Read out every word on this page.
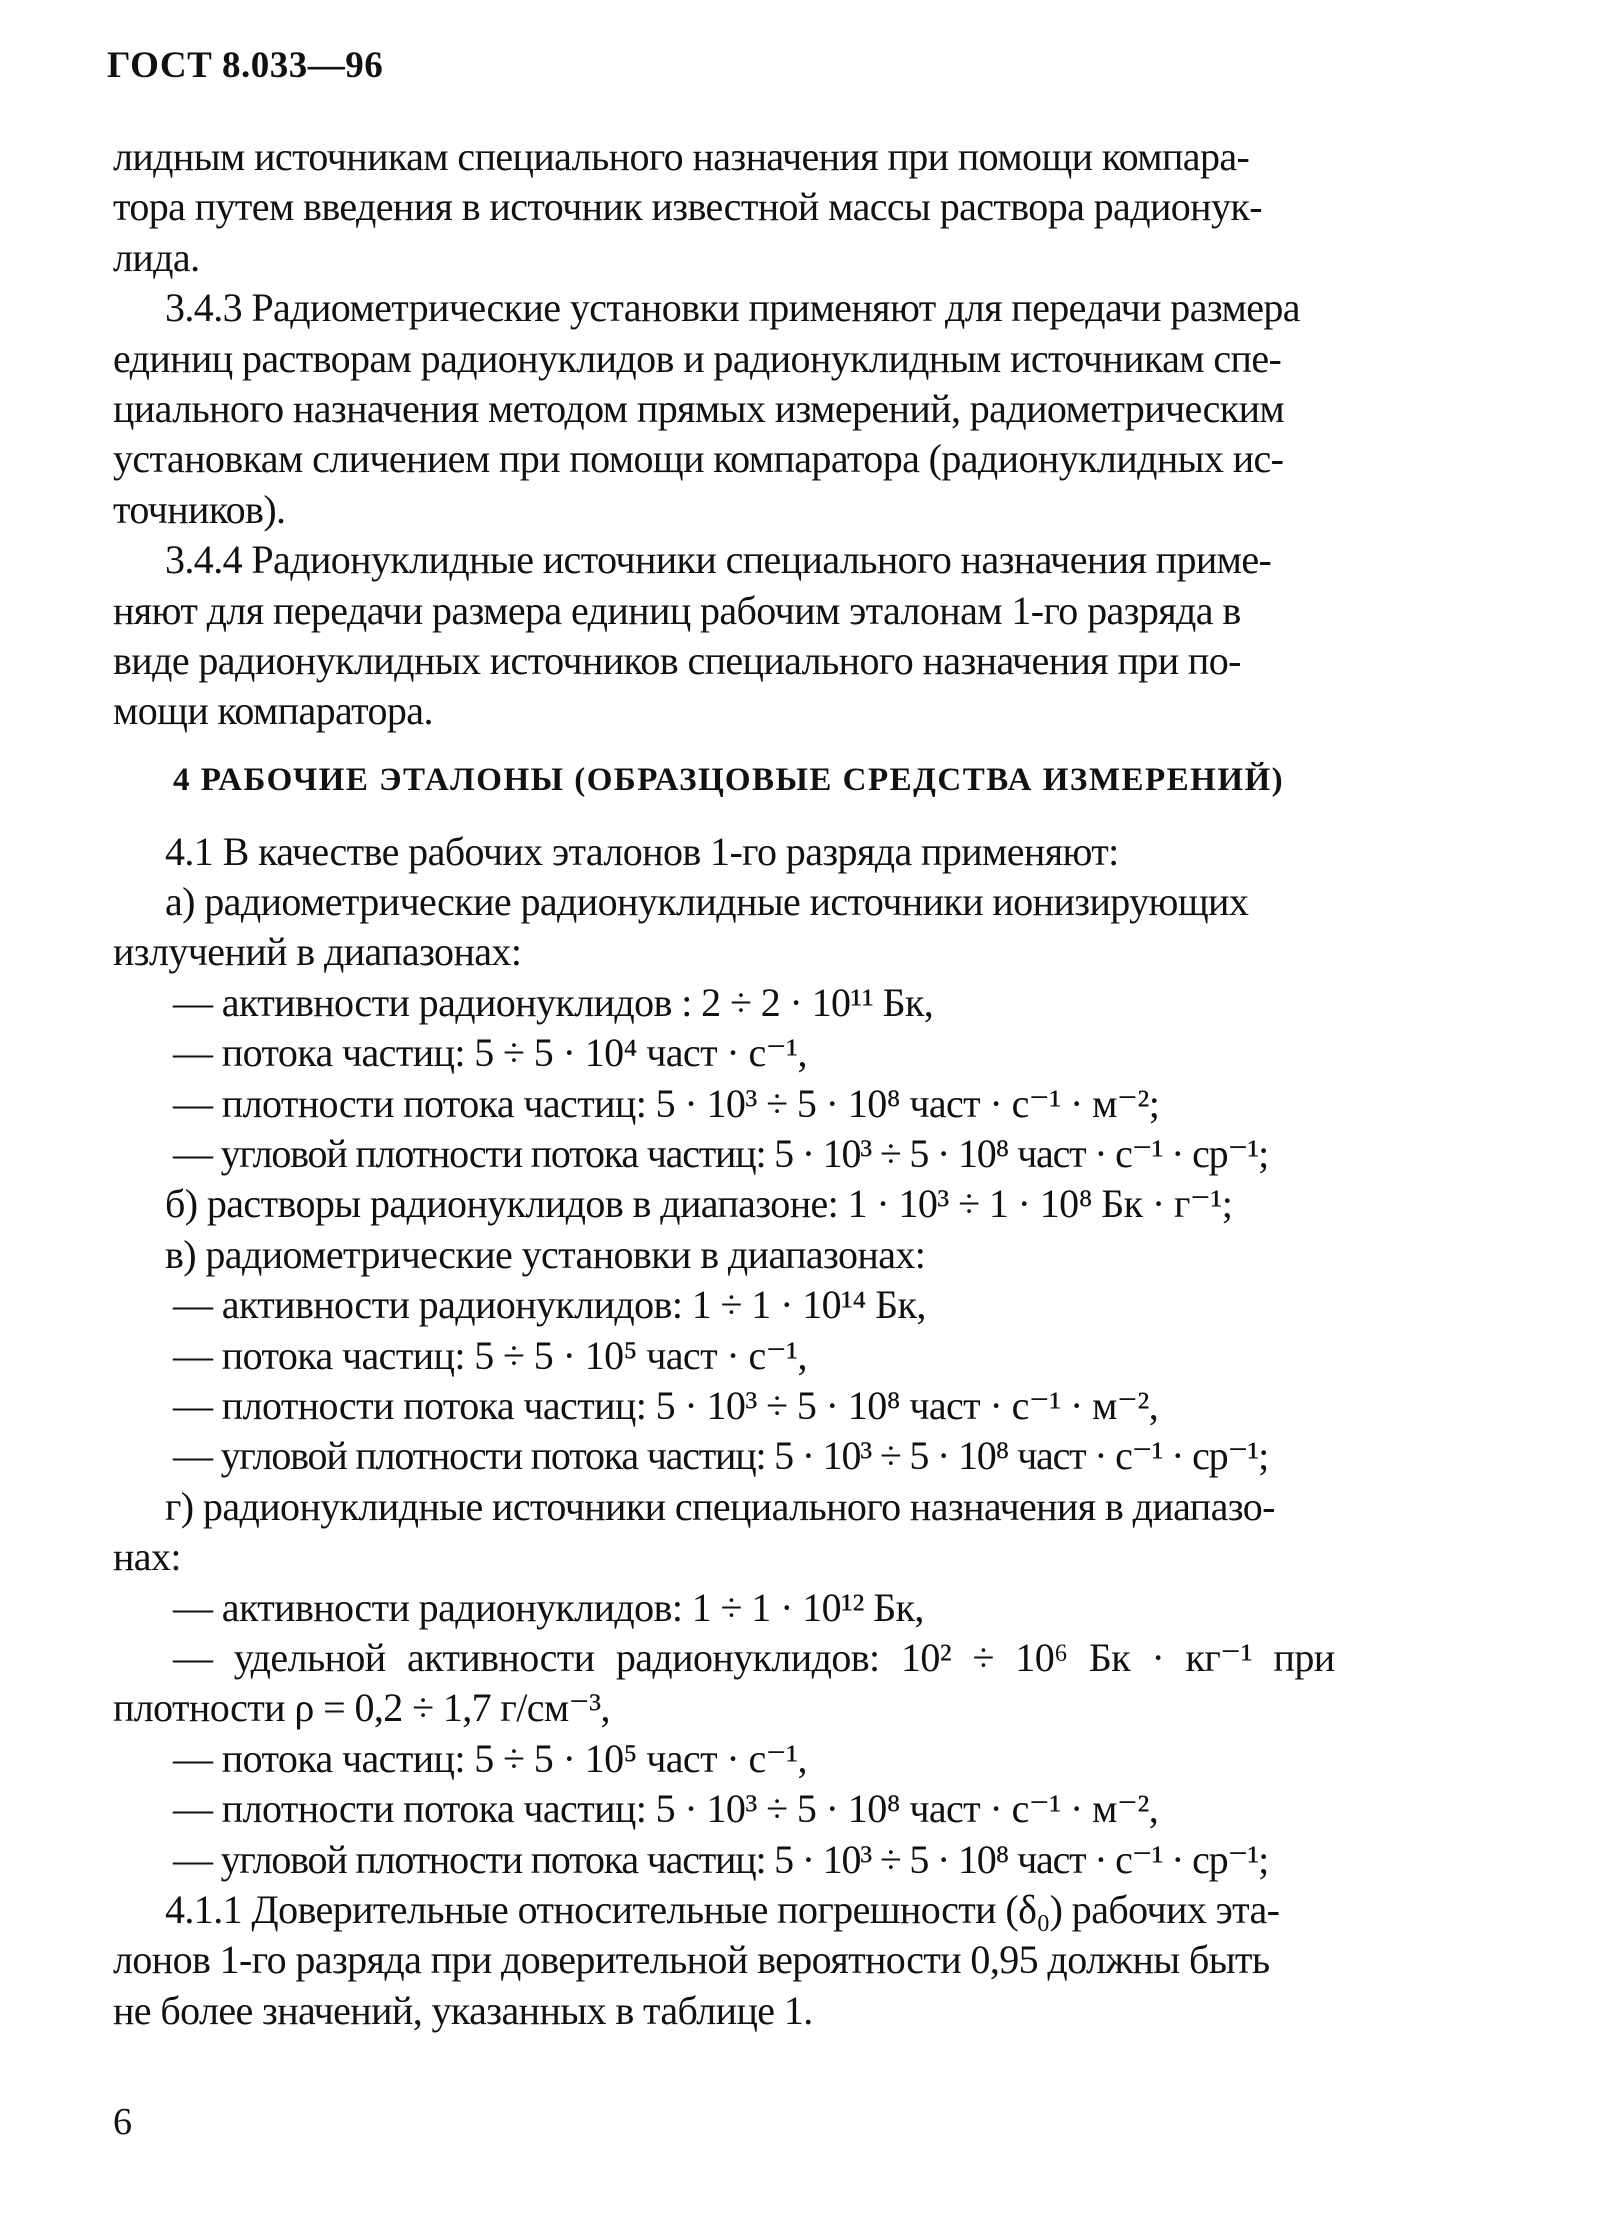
ГОСТ 8.033—96
лидным источникам специального назначения при помощи компара-
тора путем введения в источник известной массы раствора радионук-
лида.
3.4.3 Радиометрические установки применяют для передачи размера
единиц растворам радионуклидов и радионуклидным источникам спе-
циального назначения методом прямых измерений, радиометрическим
установкам сличением при помощи компаратора (радионуклидных ис-
точников).
3.4.4 Радионуклидные источники специального назначения приме-
няют для передачи размера единиц рабочим эталонам 1-го разряда в
виде радионуклидных источников специального назначения при по-
мощи компаратора.
4 РАБОЧИЕ ЭТАЛОНЫ (ОБРАЗЦОВЫЕ СРЕДСТВА ИЗМЕРЕНИЙ)
4.1 В качестве рабочих эталонов 1-го разряда применяют:
а) радиометрические радионуклидные источники ионизирующих
излучений в диапазонах:
— активности радионуклидов : 2 ÷ 2 · 10¹¹ Бк,
— потока частиц: 5 ÷ 5 · 10⁴ част · с⁻¹,
— плотности потока частиц: 5 · 10³ ÷ 5 · 10⁸ част · с⁻¹ · м⁻²;
— угловой плотности потока частиц: 5 · 10³ ÷ 5 · 10⁸ част · с⁻¹ · ср⁻¹;
б) растворы радионуклидов в диапазоне: 1 · 10³ ÷ 1 · 10⁸ Бк · г⁻¹;
в) радиометрические установки в диапазонах:
— активности радионуклидов: 1 ÷ 1 · 10¹⁴ Бк,
— потока частиц: 5 ÷ 5 · 10⁵ част · с⁻¹,
— плотности потока частиц: 5 · 10³ ÷ 5 · 10⁸ част · с⁻¹ · м⁻²,
— угловой плотности потока частиц: 5 · 10³ ÷ 5 · 10⁸ част · с⁻¹ · ср⁻¹;
г) радионуклидные источники специального назначения в диапазо-
нах:
— активности радионуклидов: 1 ÷ 1 · 10¹² Бк,
— удельной активности радионуклидов: 10² ÷ 10⁶ Бк · кг⁻¹ при
плотности ρ = 0,2 ÷ 1,7 г/см⁻³,
— потока частиц: 5 ÷ 5 · 10⁵ част · с⁻¹,
— плотности потока частиц: 5 · 10³ ÷ 5 · 10⁸ част · с⁻¹ · м⁻²,
— угловой плотности потока частиц: 5 · 10³ ÷ 5 · 10⁸ част · с⁻¹ · ср⁻¹;
4.1.1 Доверительные относительные погрешности (δ₀) рабочих эта-
лонов 1-го разряда при доверительной вероятности 0,95 должны быть
не более значений, указанных в таблице 1.
6
